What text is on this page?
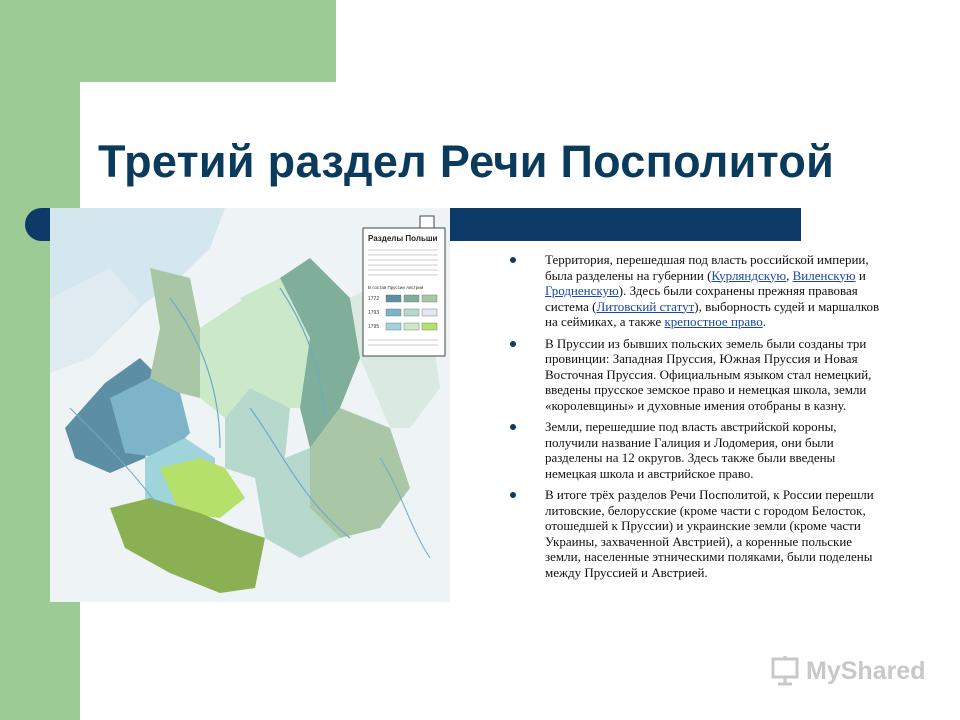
Третий раздел Речи Посполитой
Разделы Польши
В состав Пруссии Австрии
1772
1793
1795
Территория, перешедшая под власть российской империи, была разделены на губернии (Курляндскую, Виленскую и Гродненскую). Здесь были сохранены прежняя правовая система (Литовский статут), выборность судей и маршалков на сеймиках, а также крепостное право.
В Пруссии из бывших польских земель были созданы три провинции: Западная Пруссия, Южная Пруссия и Новая Восточная Пруссия. Официальным языком стал немецкий, введены прусское земское право и немецкая школа, земли «королевщины» и духовные имения отобраны в казну.
Земли, перешедшие под власть австрийской короны, получили название Галиция и Лодомерия, они были разделены на 12 округов. Здесь также были введены немецкая школа и австрийское право.
В итоге трёх разделов Речи Посполитой, к России перешли литовские, белорусские (кроме части с городом Белосток, отошедшей к Пруссии) и украинские земли (кроме части Украины, захваченной Австрией), а коренные польские земли, населенные этническими поляками, были поделены между Пруссией и Австрией.
MyShared
